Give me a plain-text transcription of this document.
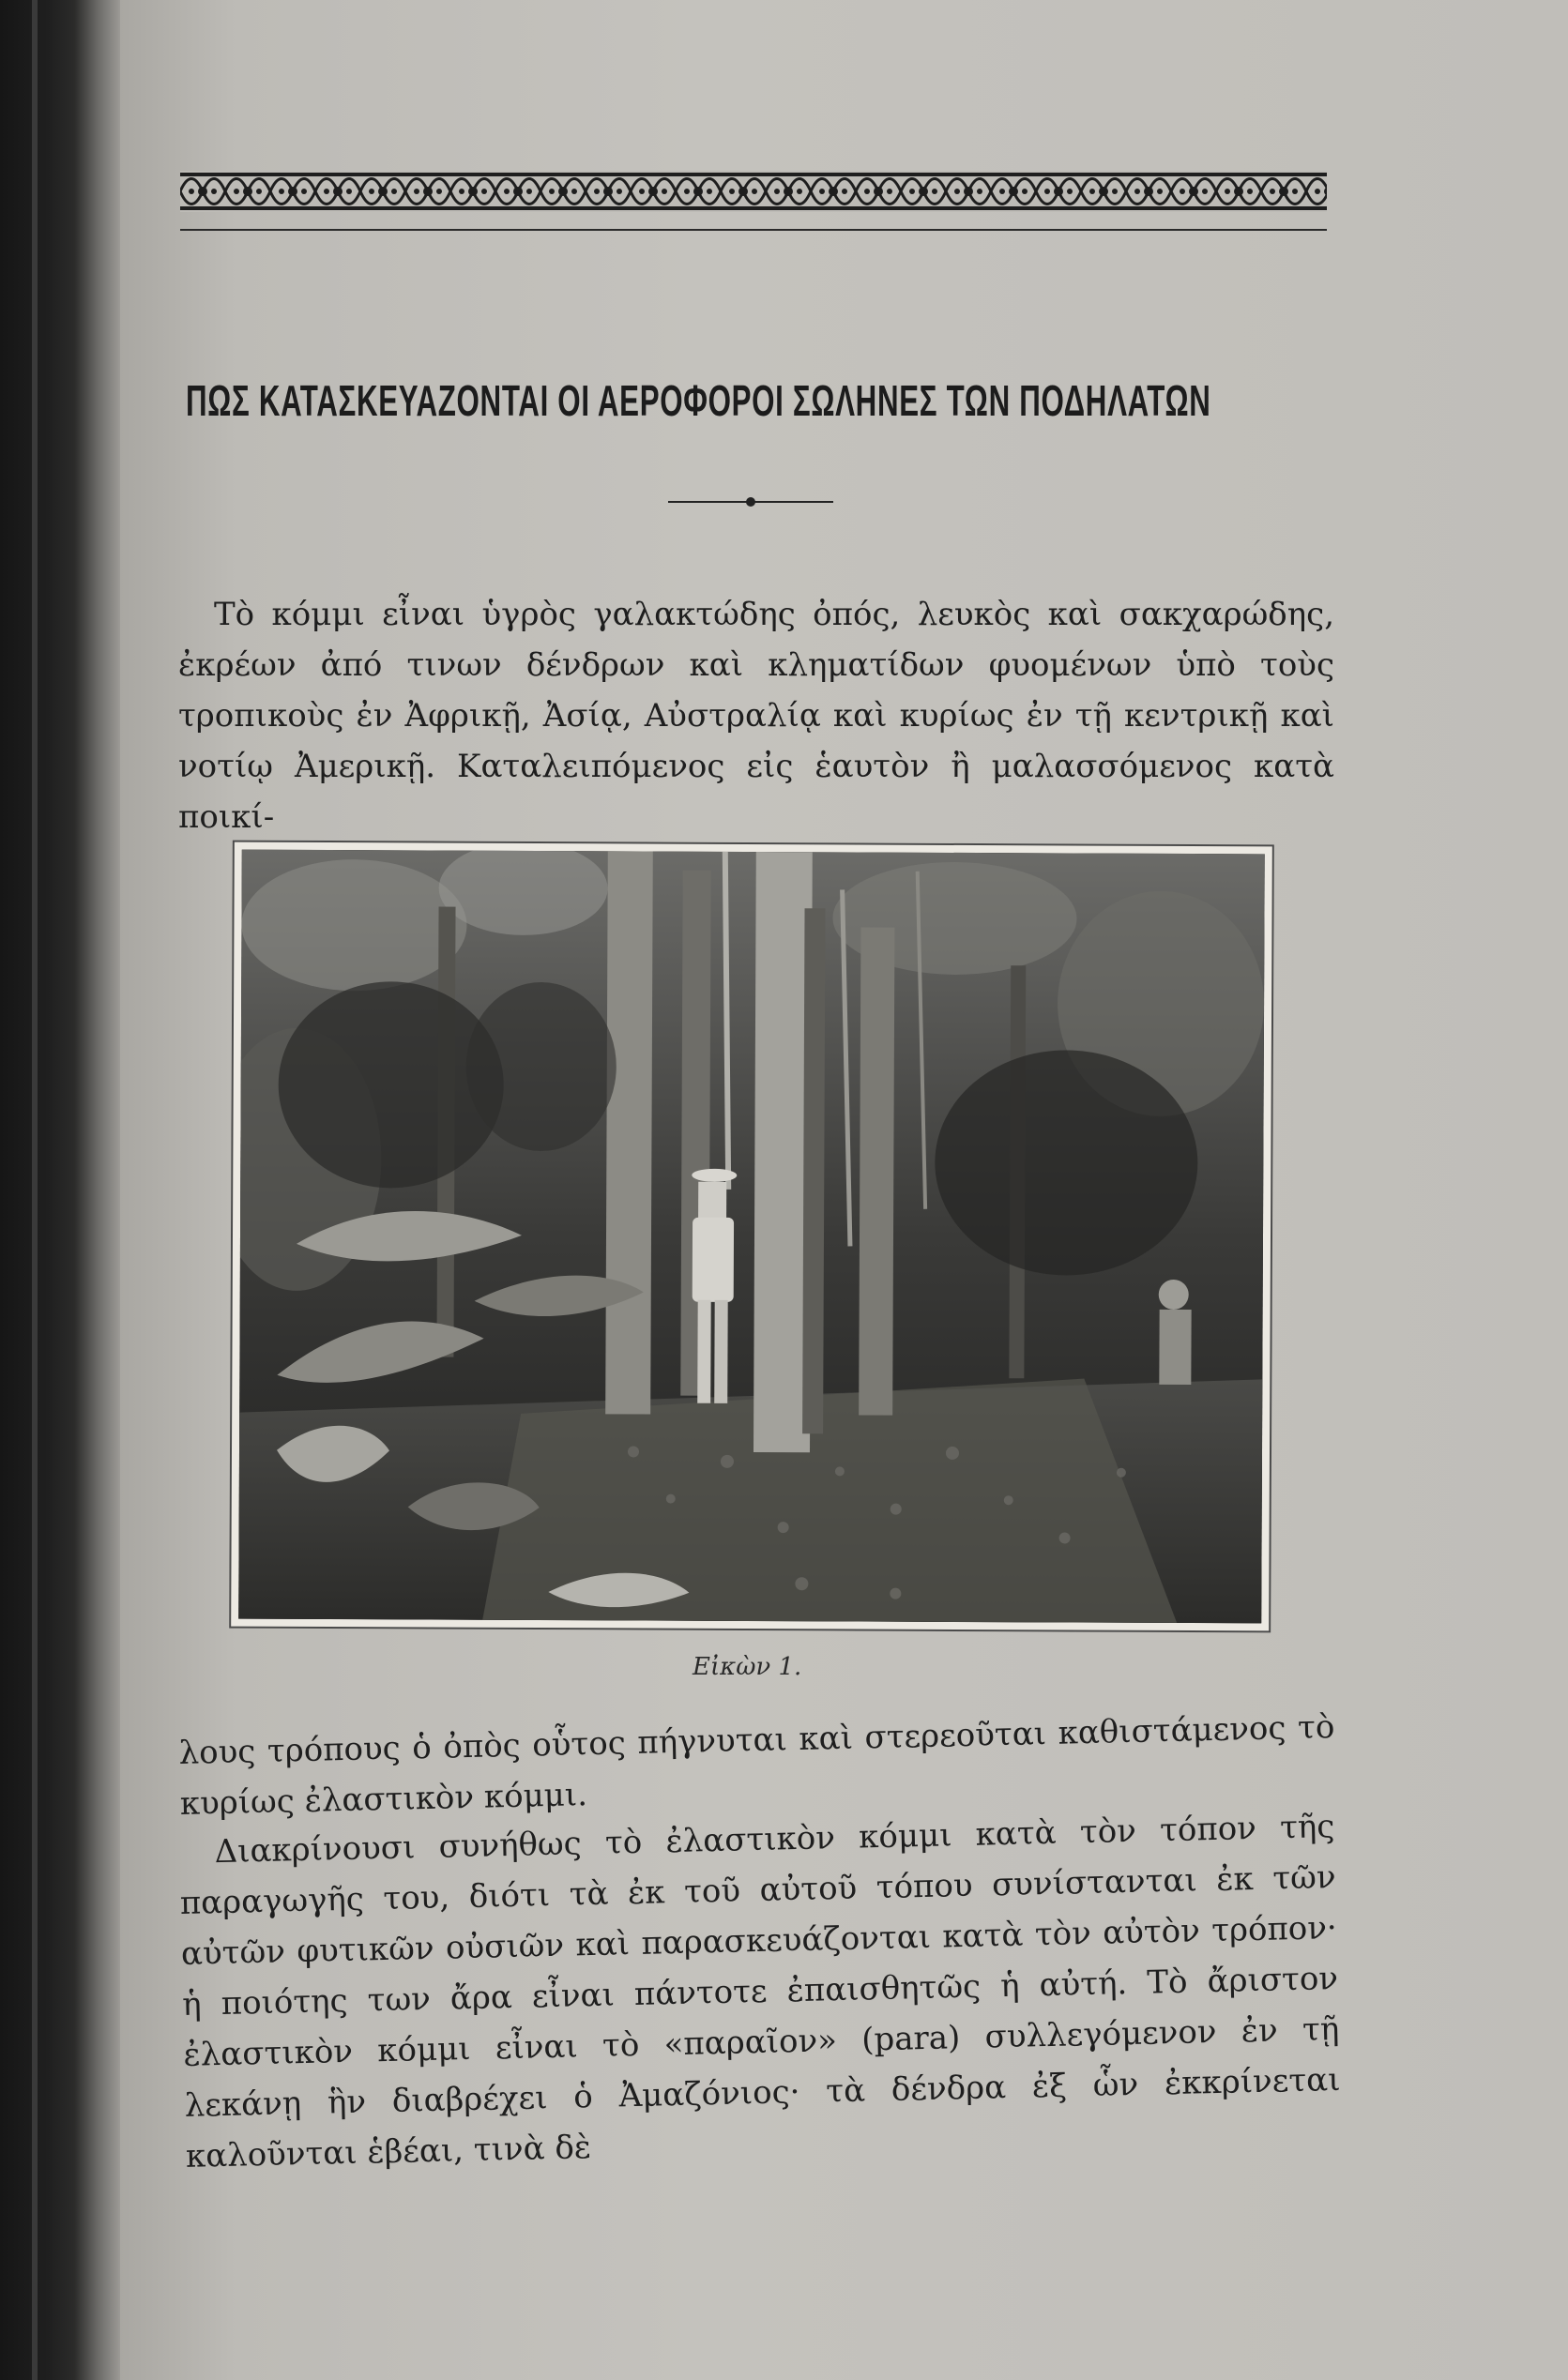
ΠΩΣ ΚΑΤΑΣΚΕΥΑΖΟΝΤΑΙ ΟΙ ΑΕΡΟΦΟΡΟΙ ΣΩΛΗΝΕΣ ΤΩΝ ΠΟΔΗΛΑΤΩΝ
Τὸ κόμμι εἶναι ὑγρὸς γαλακτώδης ὀπός, λευκὸς καὶ σακχαρώδης, ἐκρέων ἀπό τινων δένδρων καὶ κληματίδων φυομένων ὑπὸ τοὺς τροπικοὺς ἐν Ἀφρικῇ, Ἀσίᾳ, Αὐστραλίᾳ καὶ κυρίως ἐν τῇ κεντρικῇ καὶ νοτίῳ Ἀμερικῇ. Καταλειπόμενος εἰς ἑαυτὸν ἢ μαλασσόμενος κατὰ ποικί-
Εἰκὼν 1.
λους τρόπους ὁ ὀπὸς οὗτος πήγνυται καὶ στερεοῦται καθιστάμενος τὸ κυρίως ἐλαστικὸν κόμμι.
Διακρίνουσι συνήθως τὸ ἐλαστικὸν κόμμι κατὰ τὸν τόπον τῆς παραγωγῆς του, διότι τὰ ἐκ τοῦ αὐτοῦ τόπου συνίστανται ἐκ τῶν αὐτῶν φυτικῶν οὐσιῶν καὶ παρασκευάζονται κατὰ τὸν αὐτὸν τρόπον· ἡ ποιότης των ἄρα εἶναι πάντοτε ἐπαισθητῶς ἡ αὐτή. Τὸ ἄριστον ἐλαστικὸν κόμμι εἶναι τὸ «παραῖον» (para) συλλεγόμενον ἐν τῇ λεκάνῃ ἣν διαβρέχει ὁ Ἀμαζόνιος· τὰ δένδρα ἐξ ὧν ἐκκρίνεται καλοῦνται ἑβέαι, τινὰ δὲ
